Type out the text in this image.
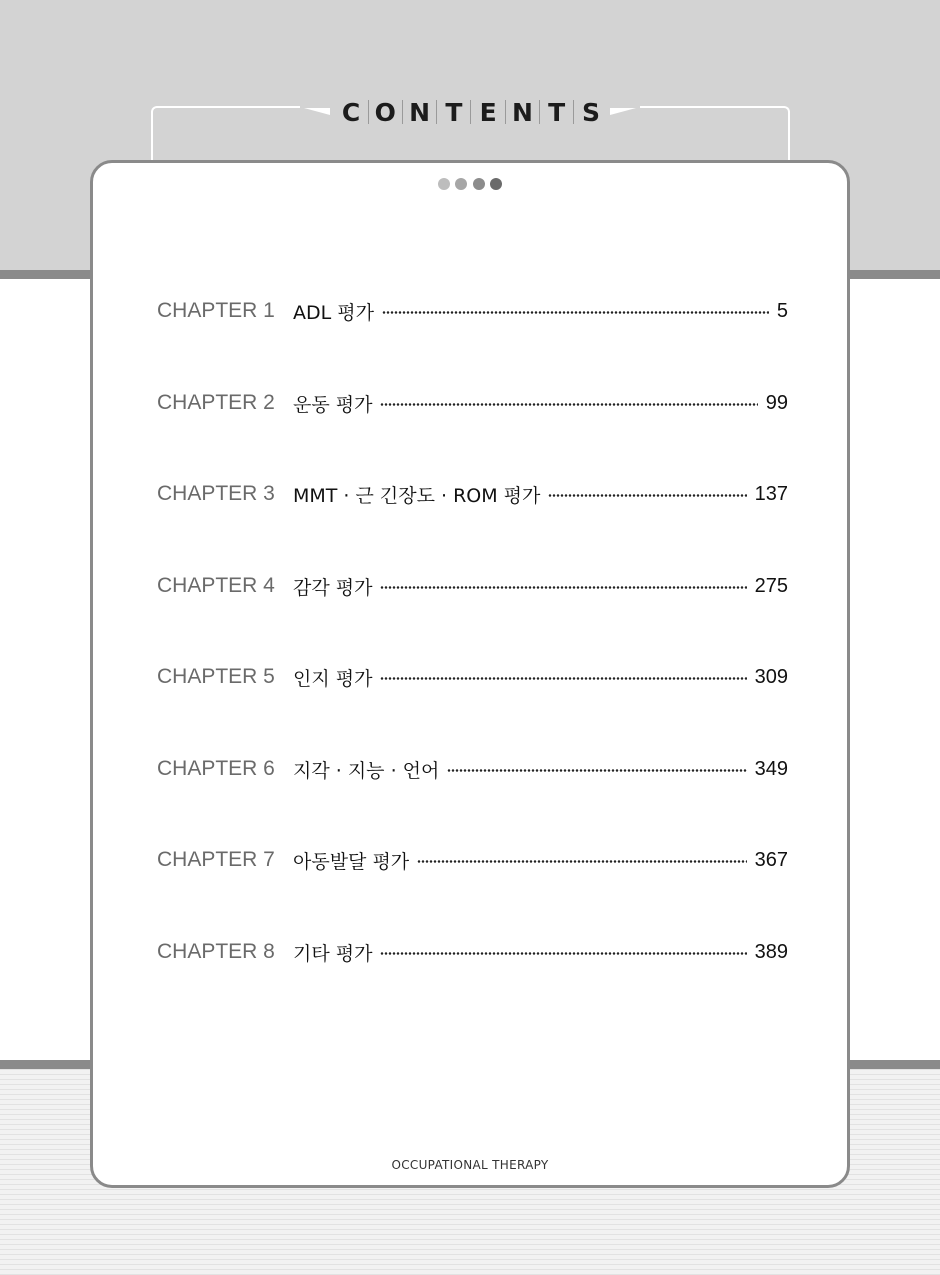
C O N T E N T S
CHAPTER 1 ADL 평가	5
CHAPTER 2 운동 평가	99
CHAPTER 3 MMT · 근 긴장도 · ROM 평가	137
CHAPTER 4 감각 평가	275
CHAPTER 5 인지 평가	309
CHAPTER 6 지각 · 지능 · 언어	349
CHAPTER 7 아동발달 평가	367
CHAPTER 8 기타 평가	389
OCCUPATIONAL THERAPY
